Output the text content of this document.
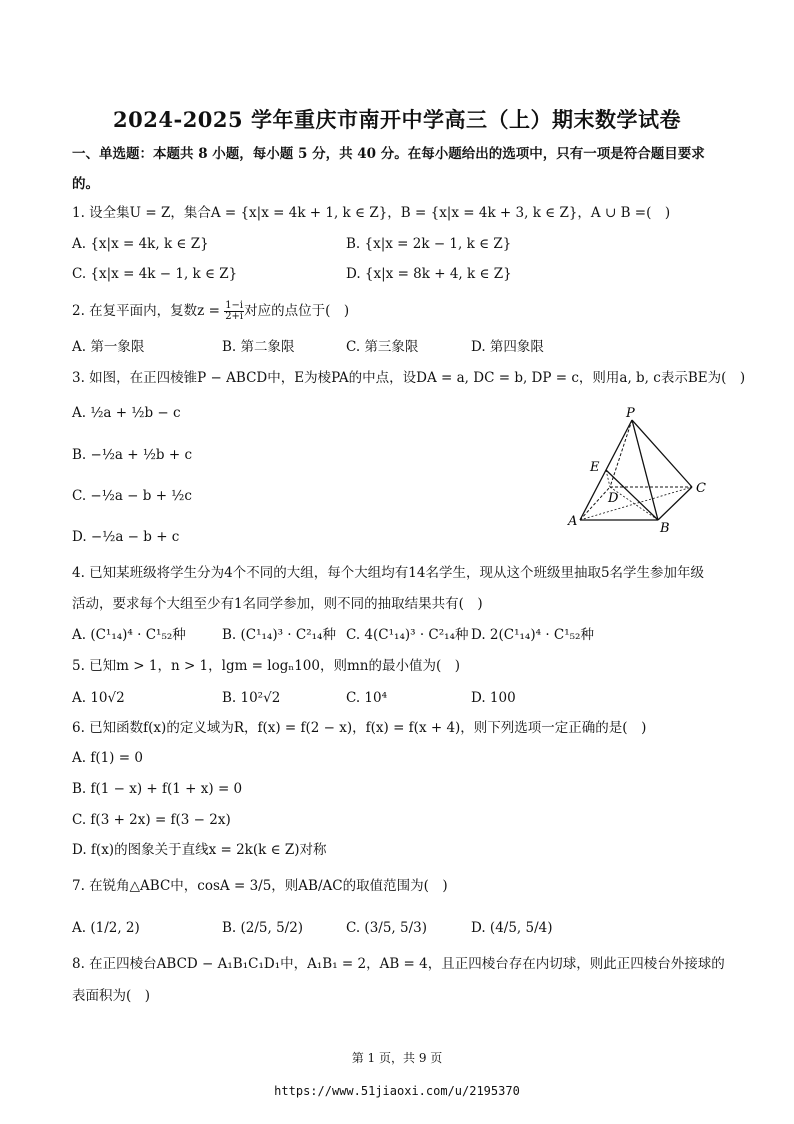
2024-2025 学年重庆市南开中学高三（上）期末数学试卷
一、单选题：本题共 8 小题，每小题 5 分，共 40 分。在每小题给出的选项中，只有一项是符合题目要求
的。
1. 设全集U = Z，集合A = {x|x = 4k + 1, k ∈ Z}，B = {x|x = 4k + 3, k ∈ Z}，A ∪ B =(　)
A. {x|x = 4k, k ∈ Z}	B. {x|x = 2k − 1, k ∈ Z}
C. {x|x = 4k − 1, k ∈ Z}	D. {x|x = 8k + 4, k ∈ Z}
2. 在复平面内，复数$z = \frac{1-i}{2+i}$ 对应的点位于(　)
A. 第一象限	B. 第二象限	C. 第三象限	D. 第四象限
3. 如图，在正四棱锥P − ABCD中，E为棱PA的中点，设DA = a, DC = b, DP = c，则用a, b, c表示BE为(　)
A. ½a + ½b − c
B. −½a + ½b + c
C. −½a − b + ½c
D. −½a − b + c
P
E
D
C
A	B
4. 已知某班级将学生分为4个不同的大组，每个大组均有14名学生，现从这个班级里抽取5名学生参加年级
活动，要求每个大组至少有1名同学参加，则不同的抽取结果共有(　)
A. (C¹₁₄)⁴ · C¹₅₂种	B. (C¹₁₄)³ · C²₁₄种 C. 4(C¹₁₄)³ · C²₁₄种 D. 2(C¹₁₄)⁴ · C¹₅₂种
5. 已知m > 1，n > 1，lgm = logₙ100，则mn的最小值为(　)
A. 10√2	B. 10²√2	C. 10⁴	D. 100
6. 已知函数f(x)的定义域为R，f(x) = f(2 − x)，f(x) = f(x + 4)，则下列选项一定正确的是(　)
A. f(1) = 0
B. f(1 − x) + f(1 + x) = 0
C. f(3 + 2x) = f(3 − 2x)
D. f(x)的图象关于直线x = 2k(k ∈ Z)对称
7. 在锐角△ABC中，cosA = 3/5，则AB/AC的取值范围为(　)
A. (1/2, 2)	B. (2/5, 5/2)	C. (3/5, 5/3)	D. (4/5, 5/4)
8. 在正四棱台ABCD − A₁B₁C₁D₁中，A₁B₁ = 2，AB = 4，且正四棱台存在内切球，则此正四棱台外接球的
表面积为(　)
第 1 页，共 9 页
https://www.51jiaoxi.com/u/2195370
